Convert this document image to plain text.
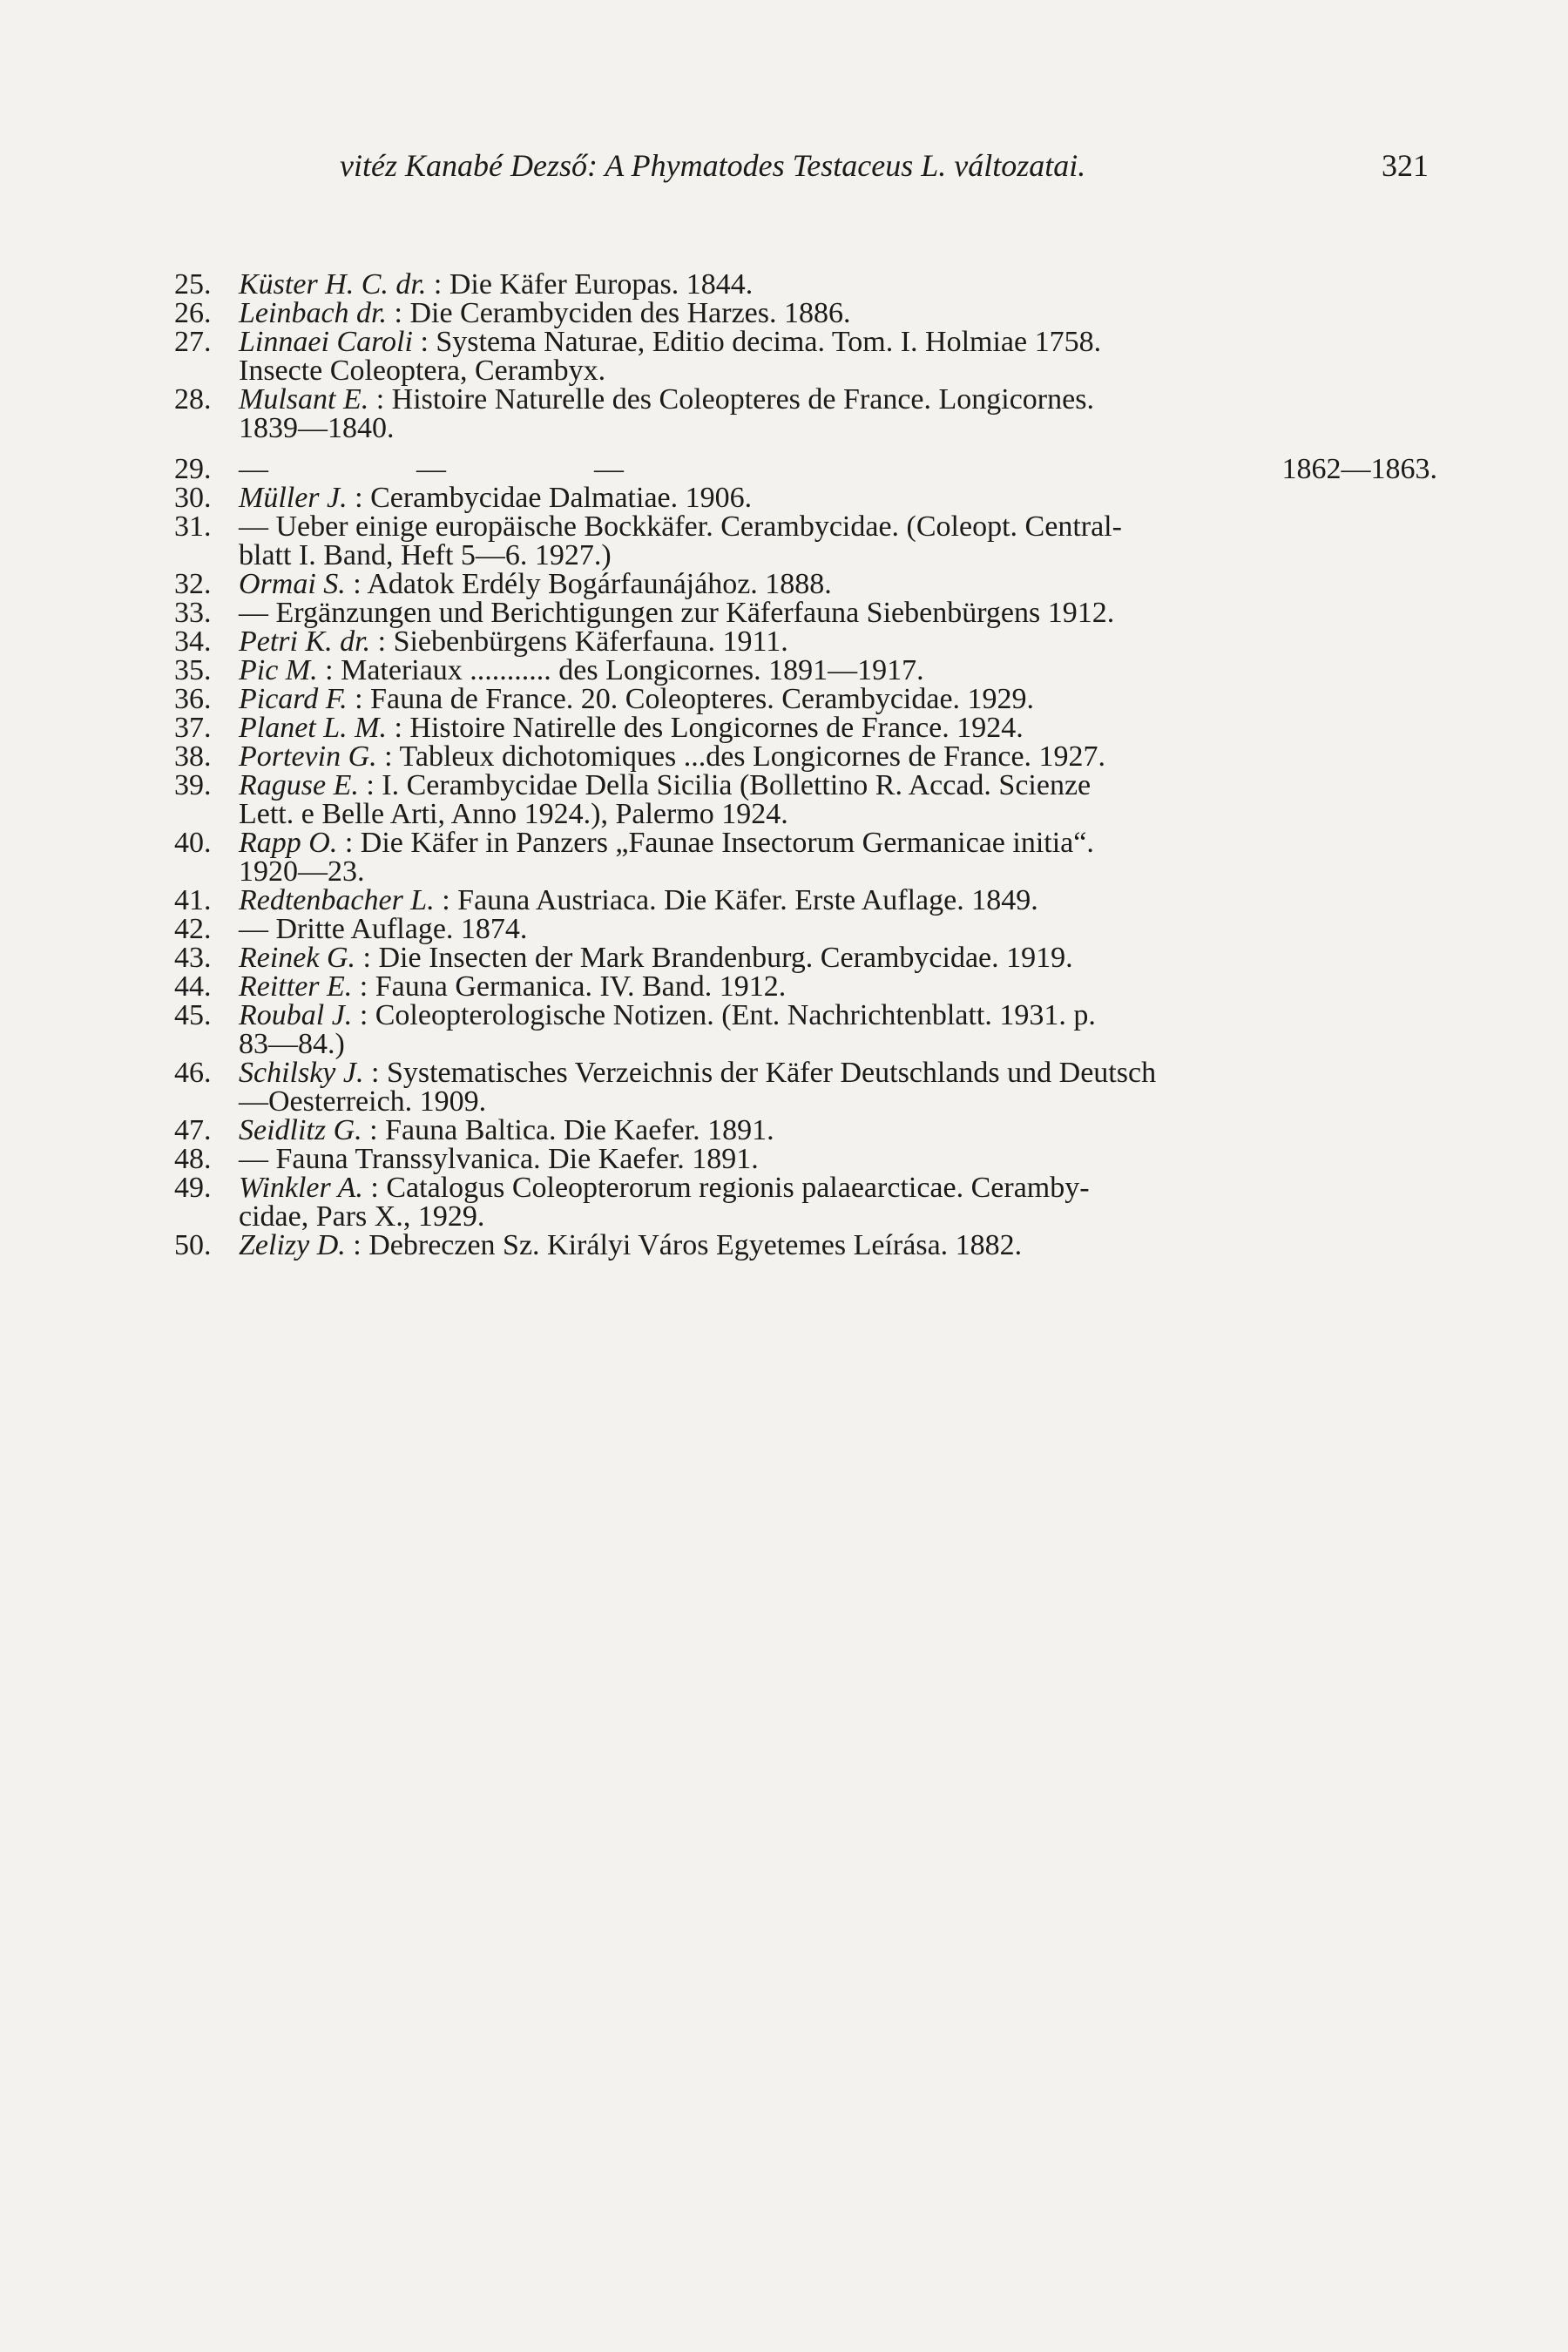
vitéz Kanabé Dezső: A Phymatodes Testaceus L. változatai.	321
25. Küster H. C. dr. : Die Käfer Europas. 1844.
26. Leinbach dr. : Die Cerambyciden des Harzes. 1886.
27. Linnaei Caroli : Systema Naturae, Editio decima. Tom. I. Holmiae 1758.
Insecte Coleoptera, Cerambyx.
28. Mulsant E. : Histoire Naturelle des Coleopteres de France. Longicornes.
1839—1840.
29. —                    —                    —	1862—1863.
30. Müller J. : Cerambycidae Dalmatiae. 1906.
31. — Ueber einige europäische Bockkäfer. Cerambycidae. (Coleopt. Central-
blatt I. Band, Heft 5—6. 1927.)
32. Ormai S. : Adatok Erdély Bogárfaunájához. 1888.
33. — Ergänzungen und Berichtigungen zur Käferfauna Siebenbürgens 1912.
34. Petri K. dr. : Siebenbürgens Käferfauna. 1911.
35. Pic M. : Materiaux ........... des Longicornes. 1891—1917.
36. Picard F. : Fauna de France. 20. Coleopteres. Cerambycidae. 1929.
37. Planet L. M. : Histoire Natirelle des Longicornes de France. 1924.
38. Portevin G. : Tableux dichotomiques ...des Longicornes de France. 1927.
39. Raguse E. : I. Cerambycidae Della Sicilia (Bollettino R. Accad. Scienze
Lett. e Belle Arti, Anno 1924.), Palermo 1924.
40. Rapp O. : Die Käfer in Panzers „Faunae Insectorum Germanicae initia“.
1920—23.
41. Redtenbacher L. : Fauna Austriaca. Die Käfer. Erste Auflage. 1849.
42. — Dritte Auflage. 1874.
43. Reinek G. : Die Insecten der Mark Brandenburg. Cerambycidae. 1919.
44. Reitter E. : Fauna Germanica. IV. Band. 1912.
45. Roubal J. : Coleopterologische Notizen. (Ent. Nachrichtenblatt. 1931. p.
83—84.)
46. Schilsky J. : Systematisches Verzeichnis der Käfer Deutschlands und Deutsch
—Oesterreich. 1909.
47. Seidlitz G. : Fauna Baltica. Die Kaefer. 1891.
48. — Fauna Transsylvanica. Die Kaefer. 1891.
49. Winkler A. : Catalogus Coleopterorum regionis palaearcticae. Ceramby-
cidae, Pars X., 1929.
50. Zelizy D. : Debreczen Sz. Királyi Város Egyetemes Leírása. 1882.
